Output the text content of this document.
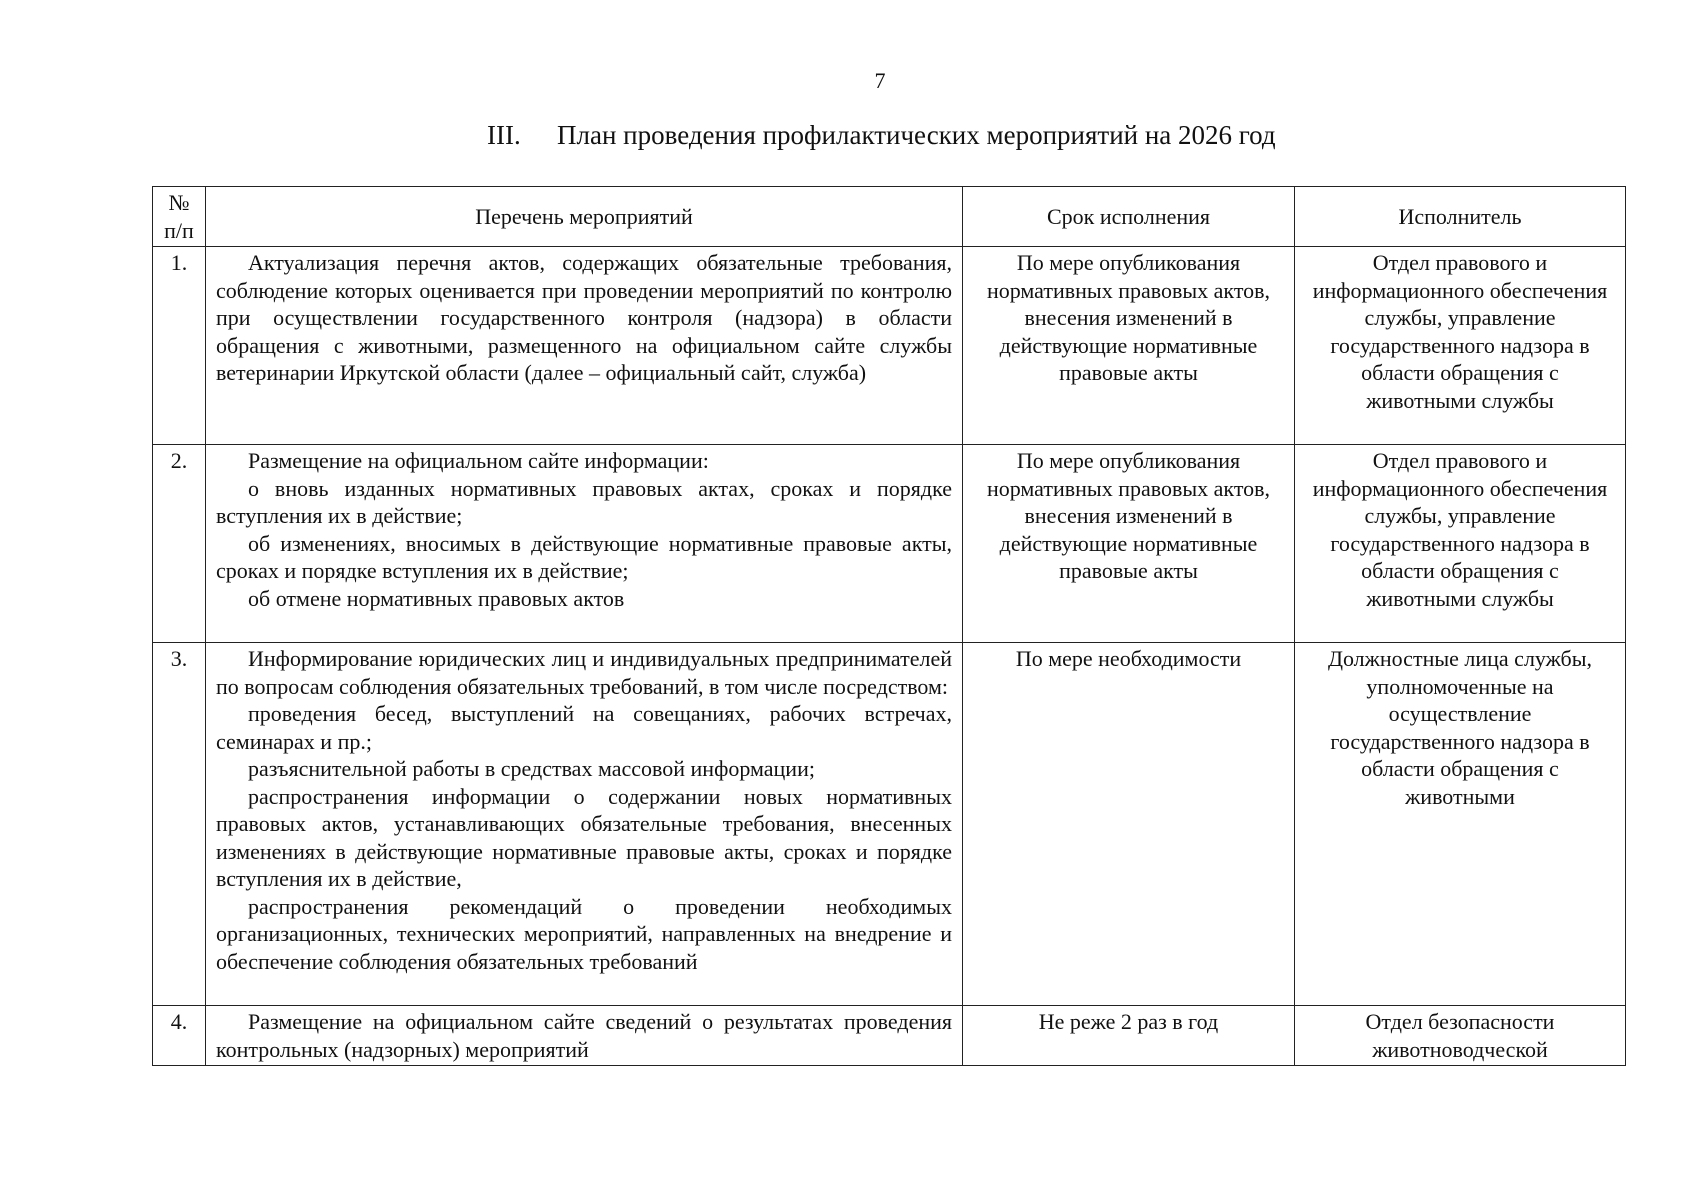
7
III. План проведения профилактических мероприятий на 2026 год
№ п/п	Перечень мероприятий	Срок исполнения	Исполнитель
1.	Актуализация перечня актов, содержащих обязательные требования, соблюдение которых оценивается при проведении мероприятий по контролю при осуществлении государственного контроля (надзора) в области обращения с животными, размещенного на официальном сайте службы ветеринарии Иркутской области (далее – официальный сайт, служба)	По мере опубликования нормативных правовых актов, внесения изменений в действующие нормативные правовые акты	Отдел правового и информационного обеспечения службы, управление государственного надзора в области обращения с животными службы
2.	Размещение на официальном сайте информации:

о вновь изданных нормативных правовых актах, сроках и порядке вступления их в действие;

об изменениях, вносимых в действующие нормативные правовые акты, сроках и порядке вступления их в действие;

об отмене нормативных правовых актов	По мере опубликования нормативных правовых актов, внесения изменений в действующие нормативные правовые акты	Отдел правового и информационного обеспечения службы, управление государственного надзора в области обращения с животными службы
3.	Информирование юридических лиц и индивидуальных предпринимателей по вопросам соблюдения обязательных требований, в том числе посредством:

проведения бесед, выступлений на совещаниях, рабочих встречах, семинарах и пр.;

разъяснительной работы в средствах массовой информации;

распространения информации о содержании новых нормативных правовых актов, устанавливающих обязательные требования, внесенных изменениях в действующие нормативные правовые акты, сроках и порядке вступления их в действие,

распространения рекомендаций о проведении необходимых организационных, технических мероприятий, направленных на внедрение и обеспечение соблюдения обязательных требований	По мере необходимости	Должностные лица службы, уполномоченные на осуществление государственного надзора в области обращения с животными
4.	Размещение на официальном сайте сведений о результатах проведения контрольных (надзорных) мероприятий	Не реже 2 раз в год	Отдел безопасности животноводческой
